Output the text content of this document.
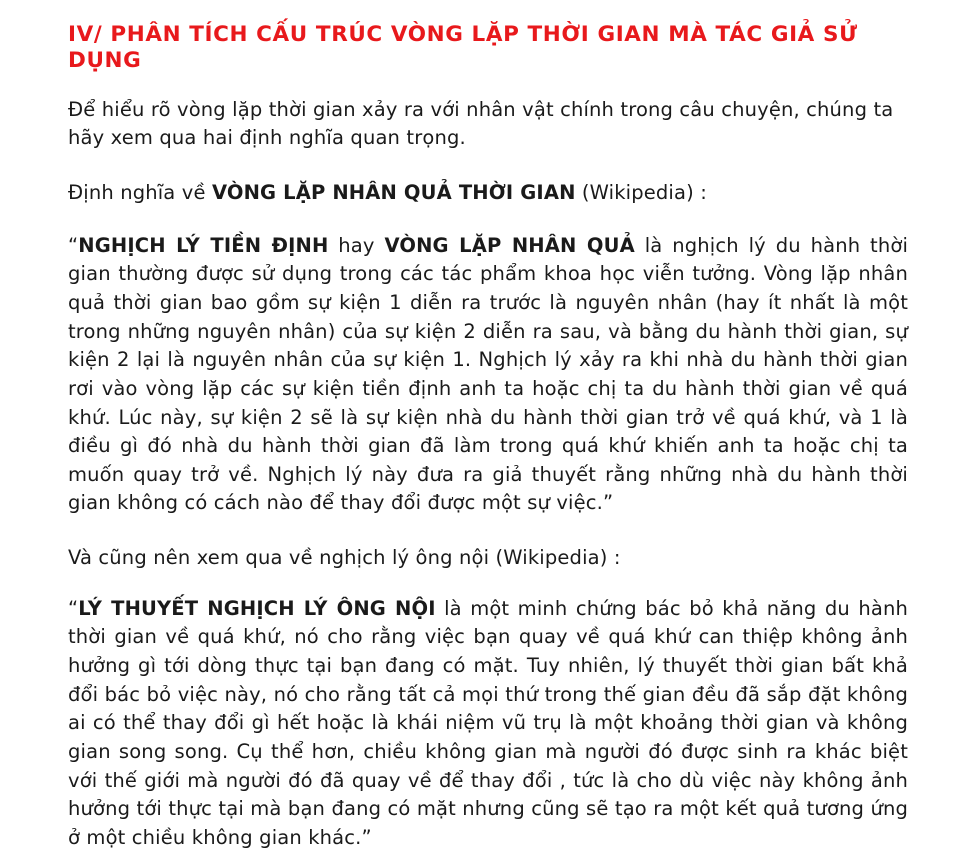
IV/ PHÂN TÍCH CẤU TRÚC VÒNG LẶP THỜI GIAN MÀ TÁC GIẢ SỬ DỤNG

Để hiểu rõ vòng lặp thời gian xảy ra với nhân vật chính trong câu chuyện, chúng ta hãy xem qua hai định nghĩa quan trọng.

Định nghĩa về VÒNG LẶP NHÂN QUẢ THỜI GIAN (Wikipedia) :

“NGHỊCH LÝ TIỀN ĐỊNH hay VÒNG LẶP NHÂN QUẢ là nghịch lý du hành thời gian thường được sử dụng trong các tác phẩm khoa học viễn tưởng. Vòng lặp nhân quả thời gian bao gồm sự kiện 1 diễn ra trước là nguyên nhân (hay ít nhất là một trong những nguyên nhân) của sự kiện 2 diễn ra sau, và bằng du hành thời gian, sự kiện 2 lại là nguyên nhân của sự kiện 1. Nghịch lý xảy ra khi nhà du hành thời gian rơi vào vòng lặp các sự kiện tiền định anh ta hoặc chị ta du hành thời gian về quá khứ. Lúc này, sự kiện 2 sẽ là sự kiện nhà du hành thời gian trở về quá khứ, và 1 là điều gì đó nhà du hành thời gian đã làm trong quá khứ khiến anh ta hoặc chị ta muốn quay trở về. Nghịch lý này đưa ra giả thuyết rằng những nhà du hành thời gian không có cách nào để thay đổi được một sự việc.”

Và cũng nên xem qua về nghịch lý ông nội (Wikipedia) :

“LÝ THUYẾT NGHỊCH LÝ ÔNG NỘI là một minh chứng bác bỏ khả năng du hành thời gian về quá khứ, nó cho rằng việc bạn quay về quá khứ can thiệp không ảnh hưởng gì tới dòng thực tại bạn đang có mặt. Tuy nhiên, lý thuyết thời gian bất khả đổi bác bỏ việc này, nó cho rằng tất cả mọi thứ trong thế gian đều đã sắp đặt không ai có thể thay đổi gì hết hoặc là khái niệm vũ trụ là một khoảng thời gian và không gian song song. Cụ thể hơn, chiều không gian mà người đó được sinh ra khác biệt với thế giới mà người đó đã quay về để thay đổi , tức là cho dù việc này không ảnh hưởng tới thực tại mà bạn đang có mặt nhưng cũng sẽ tạo ra một kết quả tương ứng ở một chiều không gian khác.”
